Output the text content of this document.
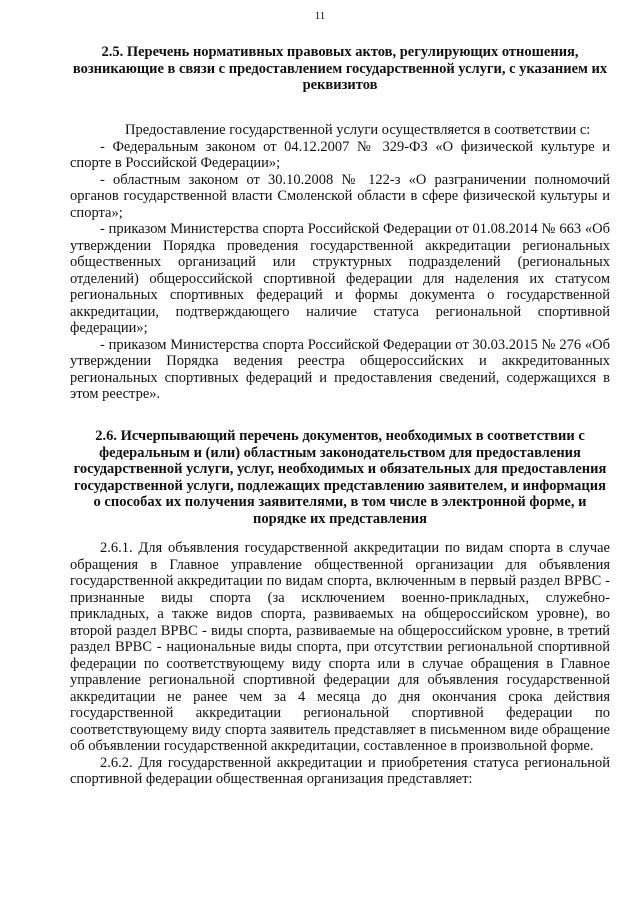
11
2.5. Перечень нормативных правовых актов, регулирующих отношения, возникающие в связи с предоставлением государственной услуги, с указанием их реквизитов

Предоставление государственной услуги осуществляется в соответствии с:

- Федеральным законом от 04.12.2007 № 329-ФЗ «О физической культуре и спорте в Российской Федерации»;

- областным законом от 30.10.2008 № 122-з «О разграничении полномочий органов государственной власти Смоленской области в сфере физической культуры и спорта»;

- приказом Министерства спорта Российской Федерации от 01.08.2014 № 663 «Об утверждении Порядка проведения государственной аккредитации региональных общественных организаций или структурных подразделений (региональных отделений) общероссийской спортивной федерации для наделения их статусом региональных спортивных федераций и формы документа о государственной аккредитации, подтверждающего наличие статуса региональной спортивной федерации»;

- приказом Министерства спорта Российской Федерации от 30.03.2015 № 276 «Об утверждении Порядка ведения реестра общероссийских и аккредитованных региональных спортивных федераций и предоставления сведений, содержащихся в этом реестре».

2.6. Исчерпывающий перечень документов, необходимых в соответствии с федеральным и (или) областным законодательством для предоставления государственной услуги, услуг, необходимых и обязательных для предоставления государственной услуги, подлежащих представлению заявителем, и информация о способах их получения заявителями, в том числе в электронной форме, и порядке их представления

2.6.1. Для объявления государственной аккредитации по видам спорта в случае обращения в Главное управление общественной организации для объявления государственной аккредитации по видам спорта, включенным в первый раздел ВРВС - признанные виды спорта (за исключением военно-прикладных, служебно-прикладных, а также видов спорта, развиваемых на общероссийском уровне), во второй раздел ВРВС - виды спорта, развиваемые на общероссийском уровне, в третий раздел ВРВС - национальные виды спорта, при отсутствии региональной спортивной федерации по соответствующему виду спорта или в случае обращения в Главное управление региональной спортивной федерации для объявления государственной аккредитации не ранее чем за 4 месяца до дня окончания срока действия государственной аккредитации региональной спортивной федерации по соответствующему виду спорта заявитель представляет в письменном виде обращение об объявлении государственной аккредитации, составленное в произвольной форме.

2.6.2. Для государственной аккредитации и приобретения статуса региональной спортивной федерации общественная организация представляет:
